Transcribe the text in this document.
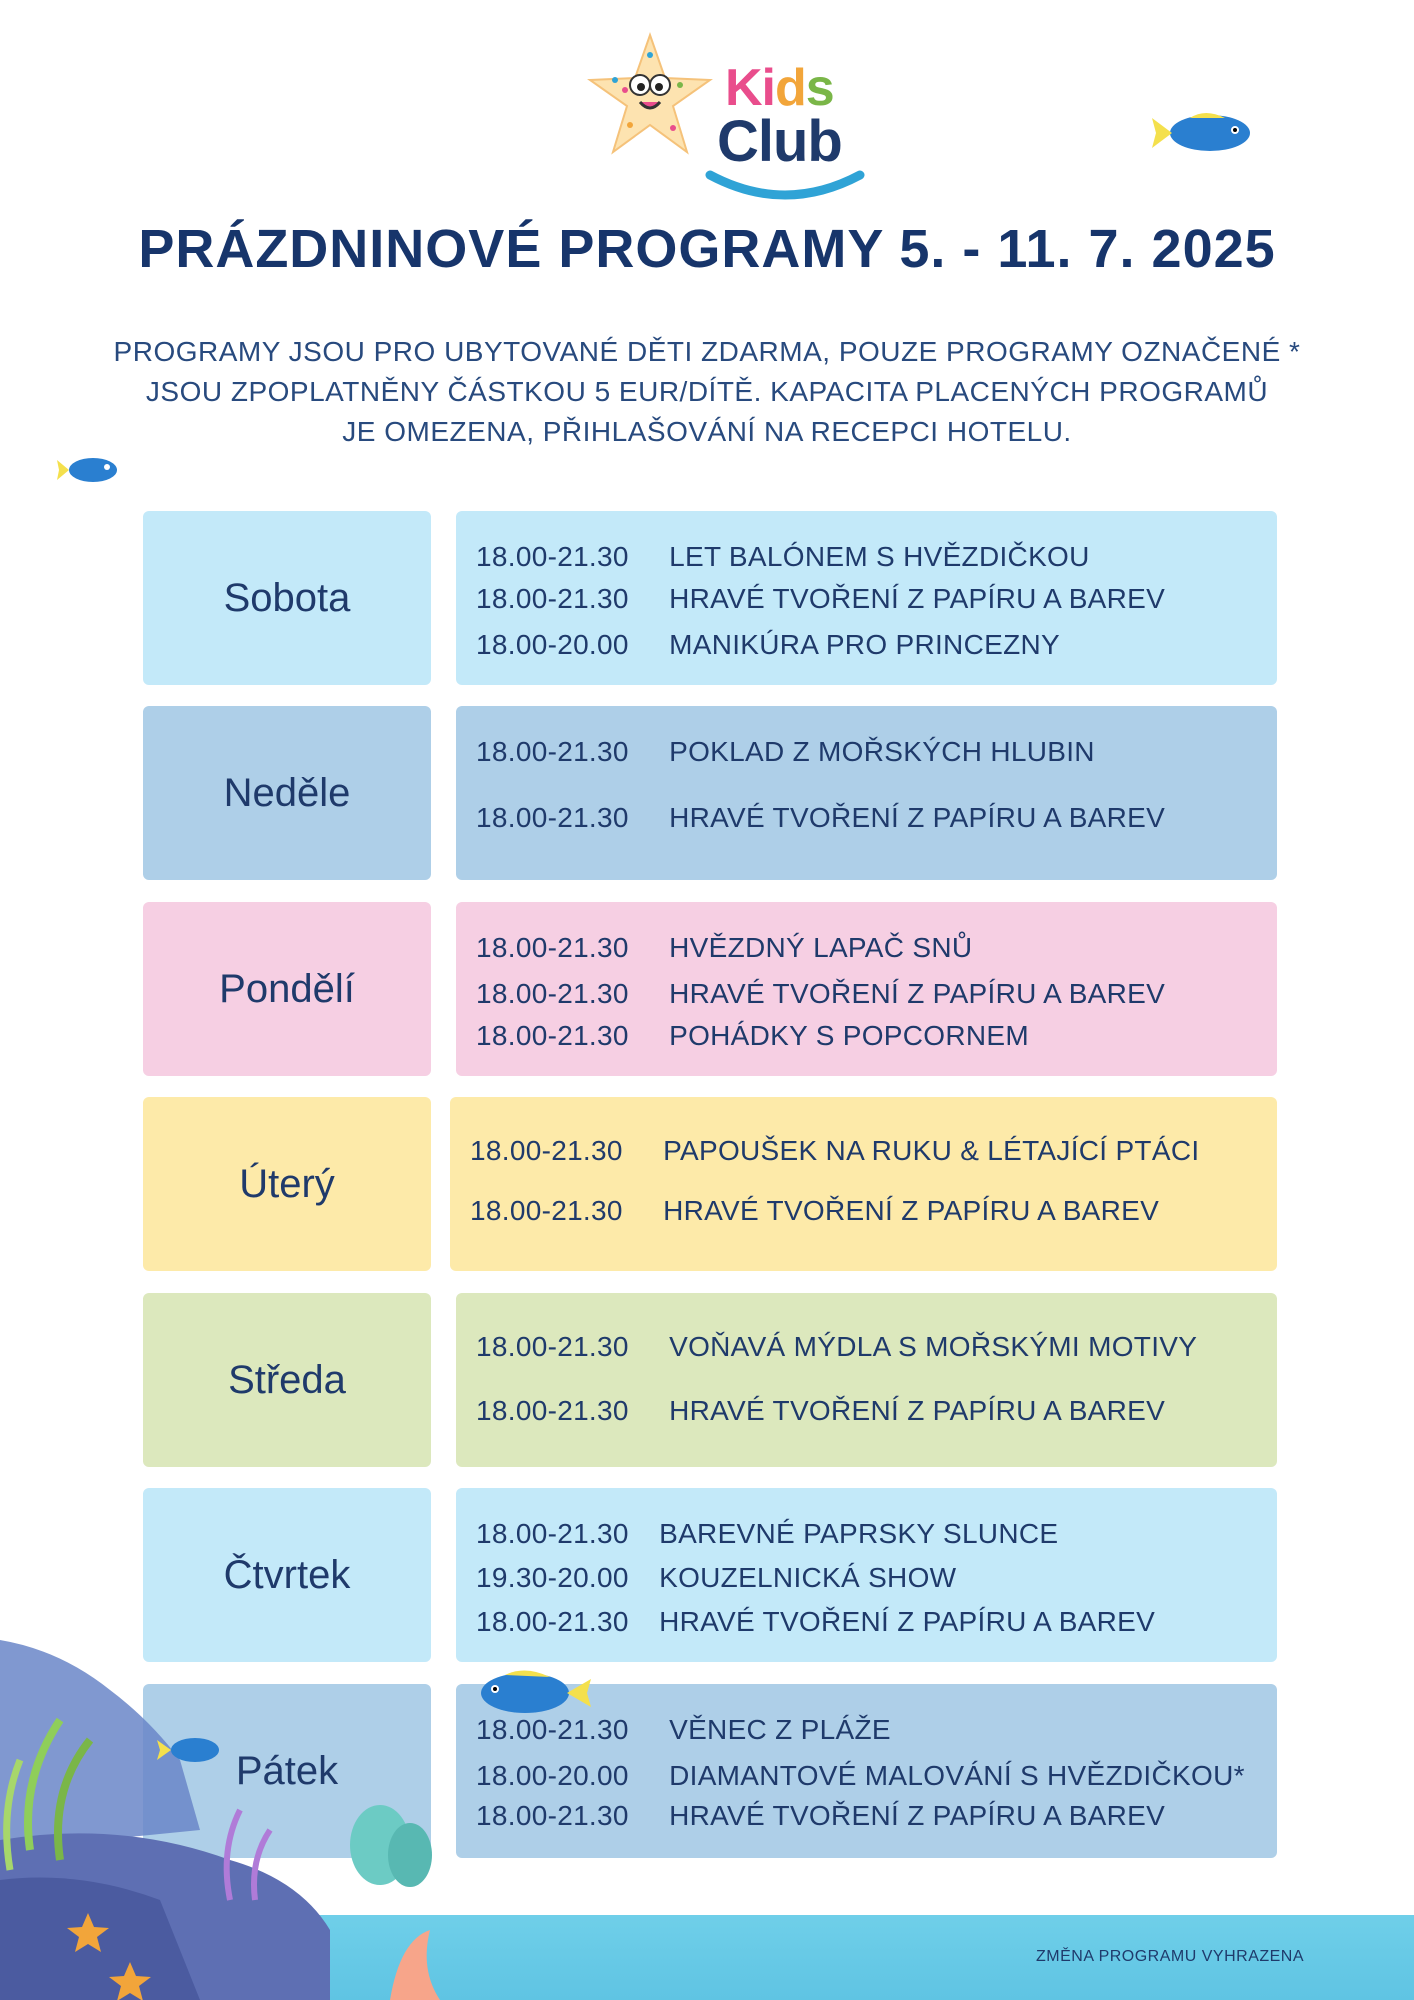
Kids
Club
PRÁZDNINOVÉ PROGRAMY 5. - 11. 7. 2025

PROGRAMY JSOU PRO UBYTOVANÉ DĚTI ZDARMA, POUZE PROGRAMY OZNAČENÉ *

JSOU ZPOPLATNĚNY ČÁSTKOU 5 EUR/DÍTĚ. KAPACITA PLACENÝCH PROGRAMŮ

JE OMEZENA, PŘIHLAŠOVÁNÍ NA RECEPCI HOTELU.

Sobota
18.00-21.30 LET BALÓNEM S HVĚZDIČKOU
18.00-21.30 HRAVÉ TVOŘENÍ Z PAPÍRU A BAREV
18.00-20.00 MANIKÚRA PRO PRINCEZNY
Neděle
18.00-21.30 POKLAD Z MOŘSKÝCH HLUBIN
18.00-21.30 HRAVÉ TVOŘENÍ Z PAPÍRU A BAREV
Pondělí
18.00-21.30 HVĚZDNÝ LAPAČ SNŮ
18.00-21.30 HRAVÉ TVOŘENÍ Z PAPÍRU A BAREV
18.00-21.30 POHÁDKY S POPCORNEM
Úterý
18.00-21.30 PAPOUŠEK NA RUKU & LÉTAJÍCÍ PTÁCI
18.00-21.30 HRAVÉ TVOŘENÍ Z PAPÍRU A BAREV
Středa
18.00-21.30 VOŇAVÁ MÝDLA S MOŘSKÝMI MOTIVY
18.00-21.30 HRAVÉ TVOŘENÍ Z PAPÍRU A BAREV
Čtvrtek
18.00-21.30 BAREVNÉ PAPRSKY SLUNCE
19.30-20.00 KOUZELNICKÁ SHOW
18.00-21.30 HRAVÉ TVOŘENÍ Z PAPÍRU A BAREV
Pátek
18.00-21.30 VĚNEC Z PLÁŽE
18.00-20.00 DIAMANTOVÉ MALOVÁNÍ S HVĚZDIČKOU*
18.00-21.30 HRAVÉ TVOŘENÍ Z PAPÍRU A BAREV
ZMĚNA PROGRAMU VYHRAZENA
